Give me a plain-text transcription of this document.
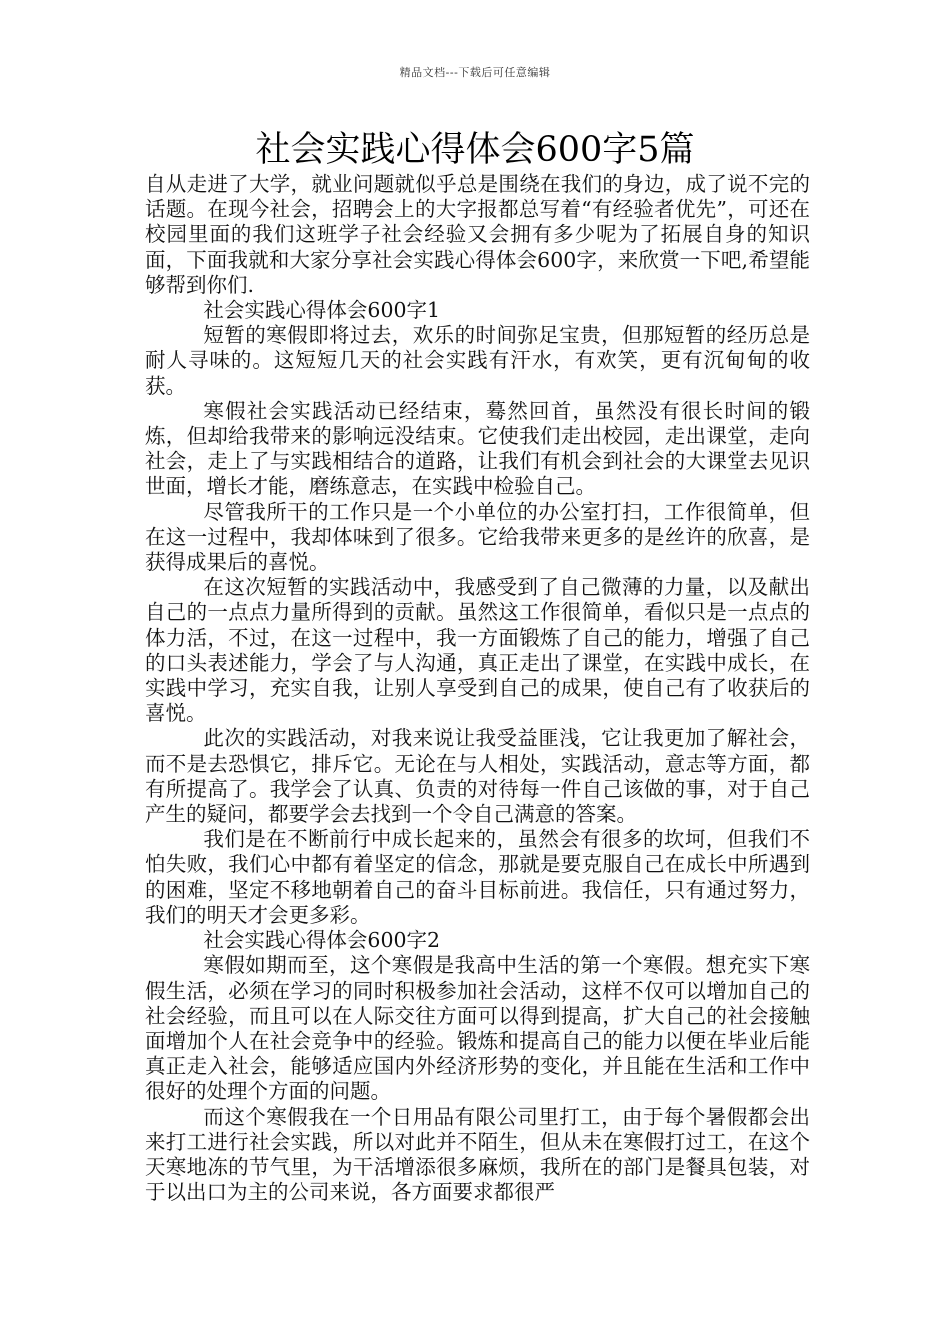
精品文档---下载后可任意编辑
社会实践心得体会600字5篇

自从走进了大学，就业问题就似乎总是围绕在我们的身边，成了说不完的话题。在现今社会，招聘会上的大字报都总写着“有经验者优先”，可还在校园里面的我们这班学子社会经验又会拥有多少呢为了拓展自身的知识面，下面我就和大家分享社会实践心得体会600字，来欣赏一下吧,希望能够帮到你们.

社会实践心得体会600字1

短暂的寒假即将过去，欢乐的时间弥足宝贵，但那短暂的经历总是耐人寻味的。这短短几天的社会实践有汗水，有欢笑，更有沉甸甸的收获。

寒假社会实践活动已经结束，蓦然回首，虽然没有很长时间的锻炼，但却给我带来的影响远没结束。它使我们走出校园，走出课堂，走向社会，走上了与实践相结合的道路，让我们有机会到社会的大课堂去见识世面，增长才能，磨练意志，在实践中检验自己。

尽管我所干的工作只是一个小单位的办公室打扫，工作很简单，但在这一过程中，我却体味到了很多。它给我带来更多的是丝许的欣喜，是获得成果后的喜悦。

在这次短暂的实践活动中，我感受到了自己微薄的力量，以及献出自己的一点点力量所得到的贡献。虽然这工作很简单，看似只是一点点的体力活，不过，在这一过程中，我一方面锻炼了自己的能力，增强了自己的口头表述能力，学会了与人沟通，真正走出了课堂，在实践中成长，在实践中学习，充实自我，让别人享受到自己的成果，使自己有了收获后的喜悦。

此次的实践活动，对我来说让我受益匪浅，它让我更加了解社会，而不是去恐惧它，排斥它。无论在与人相处，实践活动，意志等方面，都有所提高了。我学会了认真、负责的对待每一件自己该做的事，对于自己产生的疑问，都要学会去找到一个令自己满意的答案。

我们是在不断前行中成长起来的，虽然会有很多的坎坷，但我们不怕失败，我们心中都有着坚定的信念，那就是要克服自己在成长中所遇到的困难，坚定不移地朝着自己的奋斗目标前进。我信任，只有通过努力，我们的明天才会更多彩。

社会实践心得体会600字2

寒假如期而至，这个寒假是我高中生活的第一个寒假。想充实下寒假生活，必须在学习的同时积极参加社会活动，这样不仅可以增加自己的社会经验，而且可以在人际交往方面可以得到提高，扩大自己的社会接触面增加个人在社会竞争中的经验。锻炼和提高自己的能力以便在毕业后能真正走入社会，能够适应国内外经济形势的变化，并且能在生活和工作中很好的处理个方面的问题。

而这个寒假我在一个日用品有限公司里打工，由于每个暑假都会出来打工进行社会实践，所以对此并不陌生，但从未在寒假打过工，在这个天寒地冻的节气里，为干活增添很多麻烦，我所在的部门是餐具包装，对于以出口为主的公司来说，各方面要求都很严
